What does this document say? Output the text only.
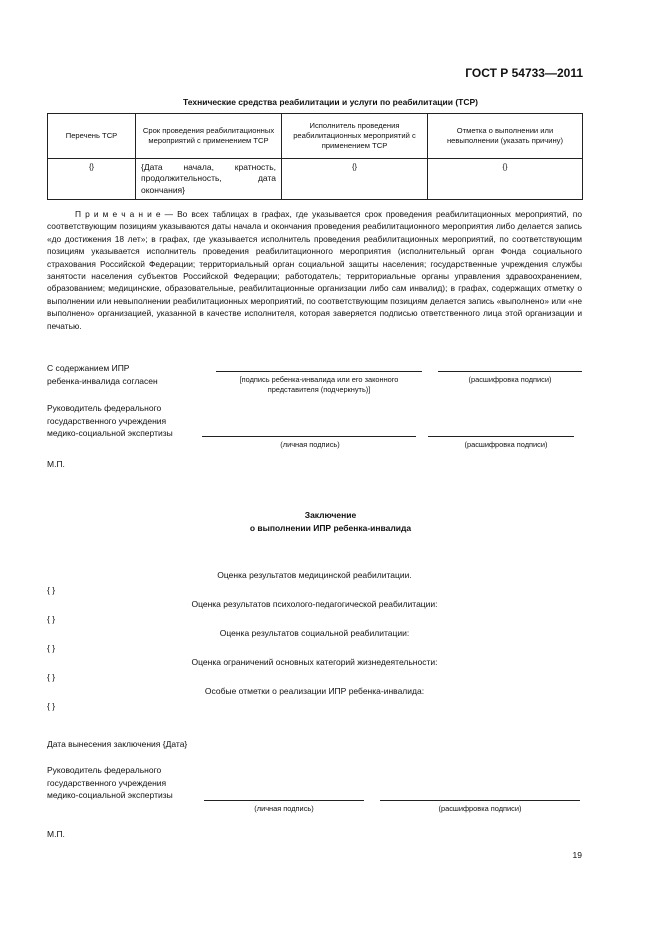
ГОСТ Р 54733—2011
Технические средства реабилитации и услуги по реабилитации (ТСР)
Перечень ТСР	Срок проведения реабилитационных мероприятий с применением ТСР	Исполнитель проведения реабилитационных мероприятий с применением ТСР	Отметка о выполнении или невыполнении (указать причину)
{}	{Дата начала, кратность, продолжительность, дата окончания}	{}	{}
П р и м е ч а н и е — Во всех таблицах в графах, где указывается срок проведения реабилитационных мероприятий, по соответствующим позициям указываются даты начала и окончания проведения реабилитационного мероприятия либо делается запись «до достижения 18 лет»; в графах, где указывается исполнитель проведения реабилитационных мероприятий, по соответствующим позициям указывается исполнитель проведения реабилитационного мероприятия (исполнительный орган Фонда социального страхования Российской Федерации; территориальный орган социальной защиты населения; государственные учреждения службы занятости населения субъектов Российской Федерации; работодатель; территориальные органы управления здравоохранением, образованием; медицинские, образовательные, реабилитационные организации либо сам инвалид); в графах, содержащих отметку о выполнении или невыполнении реабилитационных мероприятий, по соответствующим позициям делается запись «выполнено» или «не выполнено» организацией, указанной в качестве исполнителя, которая заверяется подписью ответственного лица этой организации и печатью.
С содержанием ИПР
ребенка-инвалида согласен	[подпись ребенка-инвалида или его законного
представителя (подчеркнуть)]
(расшифровка подписи)
Руководитель федерального
государственного учреждения
медико-социальной экспертизы
(личная подпись)	(расшифровка подписи)
М.П.
Заключение
о выполнении ИПР ребенка-инвалида
Оценка результатов медицинской реабилитации.
{ }
Оценка результатов психолого-педагогической реабилитации:
{ }
Оценка результатов социальной реабилитации:
{ }
Оценка ограничений основных категорий жизнедеятельности:
{ }
Особые отметки о реализации ИПР ребенка-инвалида:
{ }
Дата вынесения заключения {Дата}
Руководитель федерального
государственного учреждения
медико-социальной экспертизы
(личная подпись)	(расшифровка подписи)
М.П.
19
